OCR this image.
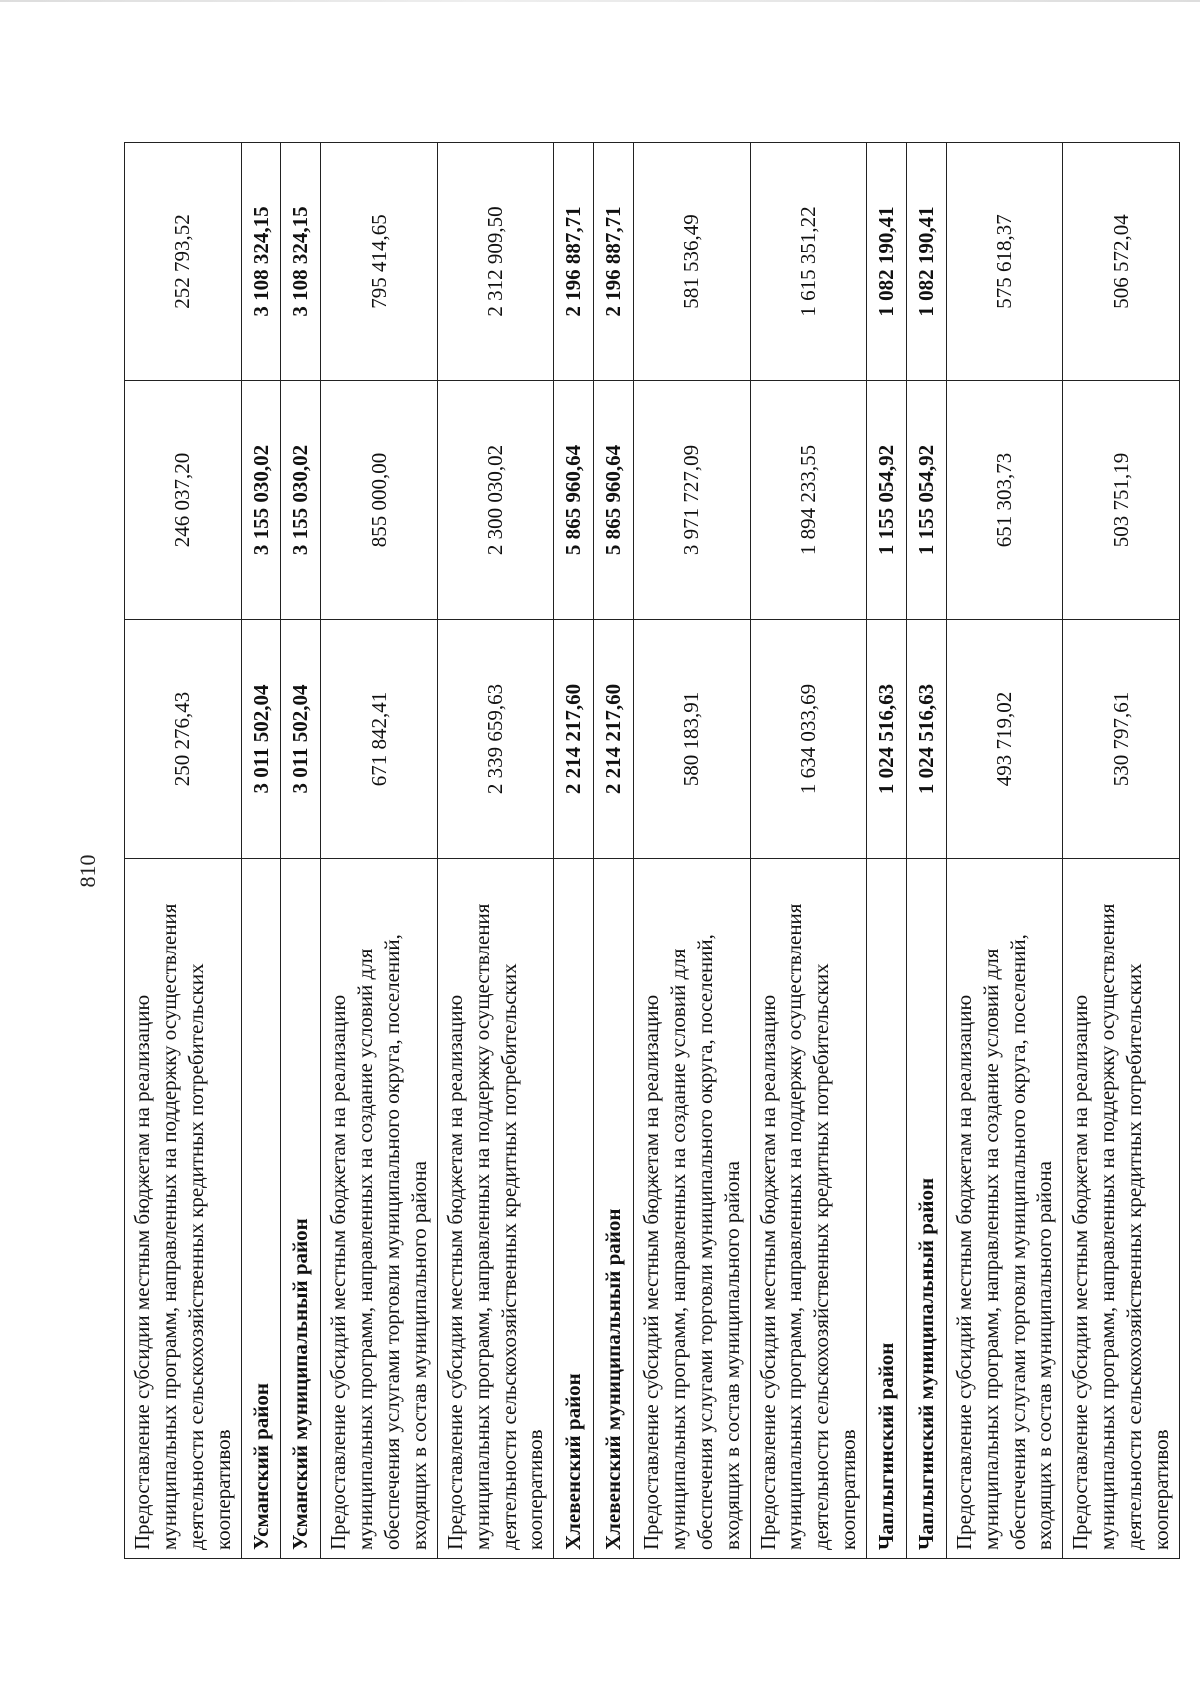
810
Предоставление субсидии местным бюджетам на реализацию муниципальных программ, направленных на поддержку осуществления деятельности сельскохозяйственных кредитных потребительских кооперативов	250 276,43	246 037,20	252 793,52
Усманский район	3 011 502,04	3 155 030,02	3 108 324,15
Усманский муниципальный район	3 011 502,04	3 155 030,02	3 108 324,15
Предоставление субсидий местным бюджетам на реализацию муниципальных программ, направленных на создание условий для обеспечения услугами торговли муниципального округа, поселений, входящих в состав муниципального района	671 842,41	855 000,00	795 414,65
Предоставление субсидии местным бюджетам на реализацию муниципальных программ, направленных на поддержку осуществления деятельности сельскохозяйственных кредитных потребительских кооперативов	2 339 659,63	2 300 030,02	2 312 909,50
Хлевенский район	2 214 217,60	5 865 960,64	2 196 887,71
Хлевенский муниципальный район	2 214 217,60	5 865 960,64	2 196 887,71
Предоставление субсидий местным бюджетам на реализацию муниципальных программ, направленных на создание условий для обеспечения услугами торговли муниципального округа, поселений, входящих в состав муниципального района	580 183,91	3 971 727,09	581 536,49
Предоставление субсидии местным бюджетам на реализацию муниципальных программ, направленных на поддержку осуществления деятельности сельскохозяйственных кредитных потребительских кооперативов	1 634 033,69	1 894 233,55	1 615 351,22
Чаплыгинский район	1 024 516,63	1 155 054,92	1 082 190,41
Чаплыгинский муниципальный район	1 024 516,63	1 155 054,92	1 082 190,41
Предоставление субсидий местным бюджетам на реализацию муниципальных программ, направленных на создание условий для обеспечения услугами торговли муниципального округа, поселений, входящих в состав муниципального района	493 719,02	651 303,73	575 618,37
Предоставление субсидии местным бюджетам на реализацию муниципальных программ, направленных на поддержку осуществления деятельности сельскохозяйственных кредитных потребительских кооперативов	530 797,61	503 751,19	506 572,04
